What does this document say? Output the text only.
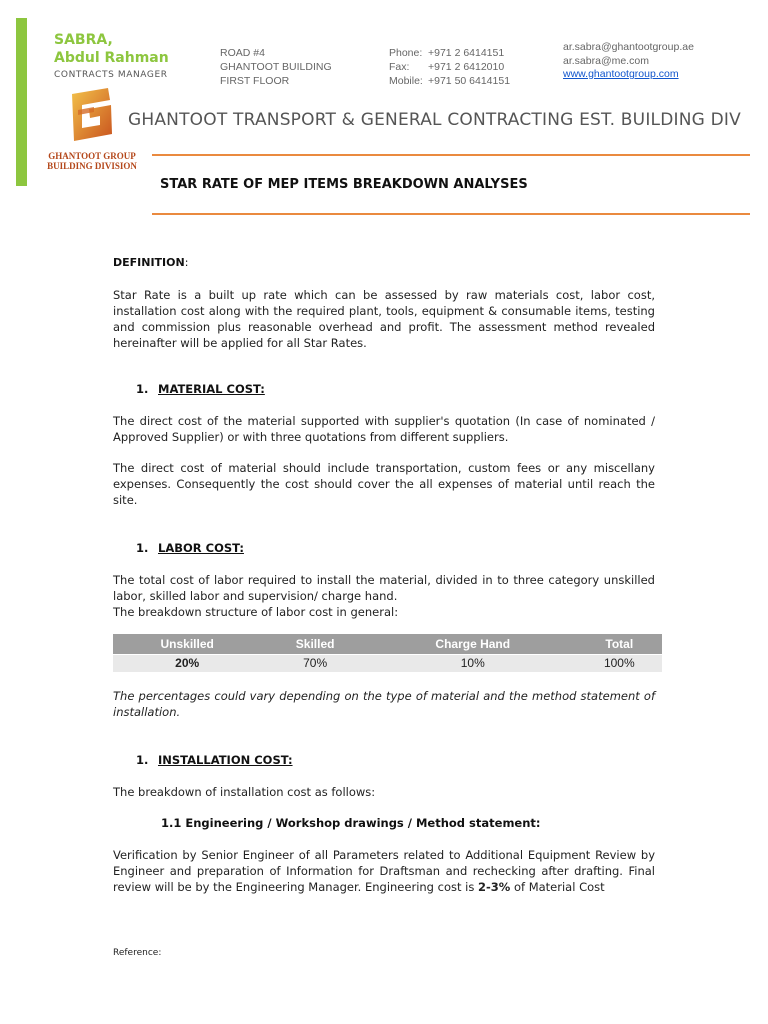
SABRA,
Abdul Rahman
CONTRACTS MANAGER
ROAD #4
GHANTOOT BUILDING
FIRST FLOOR
Phone: +971 2 6414151
Fax:	+971 2 6412010
Mobile: +971 50 6414151
ar.sabra@ghantootgroup.ae
ar.sabra@me.com
www.ghantootgroup.com
GHANTOOT GROUP
BUILDING DIVISION
GHANTOOT TRANSPORT & GENERAL CONTRACTING EST. BUILDING DIV
STAR RATE OF MEP ITEMS BREAKDOWN ANALYSES
DEFINITION:
Star Rate is a built up rate which can be assessed by raw materials cost, labor cost, installation cost along with the required plant, tools, equipment & consumable items, testing and commission plus reasonable overhead and profit. The assessment method revealed hereinafter will be applied for all Star Rates.
1. MATERIAL COST:
The direct cost of the material supported with supplier's quotation (In case of nominated / Approved Supplier) or with three quotations from different suppliers.
The direct cost of material should include transportation, custom fees or any miscellany expenses. Consequently the cost should cover the all expenses of material until reach the site.
1. LABOR COST:
The total cost of labor required to install the material, divided in to three category unskilled labor, skilled labor and supervision/ charge hand.
The breakdown structure of labor cost in general:
Unskilled	Skilled	Charge Hand	Total
20%	70%	10%	100%
The percentages could vary depending on the type of material and the method statement of installation.
1. INSTALLATION COST:
The breakdown of installation cost as follows:
1.1 Engineering / Workshop drawings / Method statement:
Verification by Senior Engineer of all Parameters related to Additional Equipment Review by Engineer and preparation of Information for Draftsman and rechecking after drafting. Final review will be by the Engineering Manager. Engineering cost is 2-3% of Material Cost
Reference:
